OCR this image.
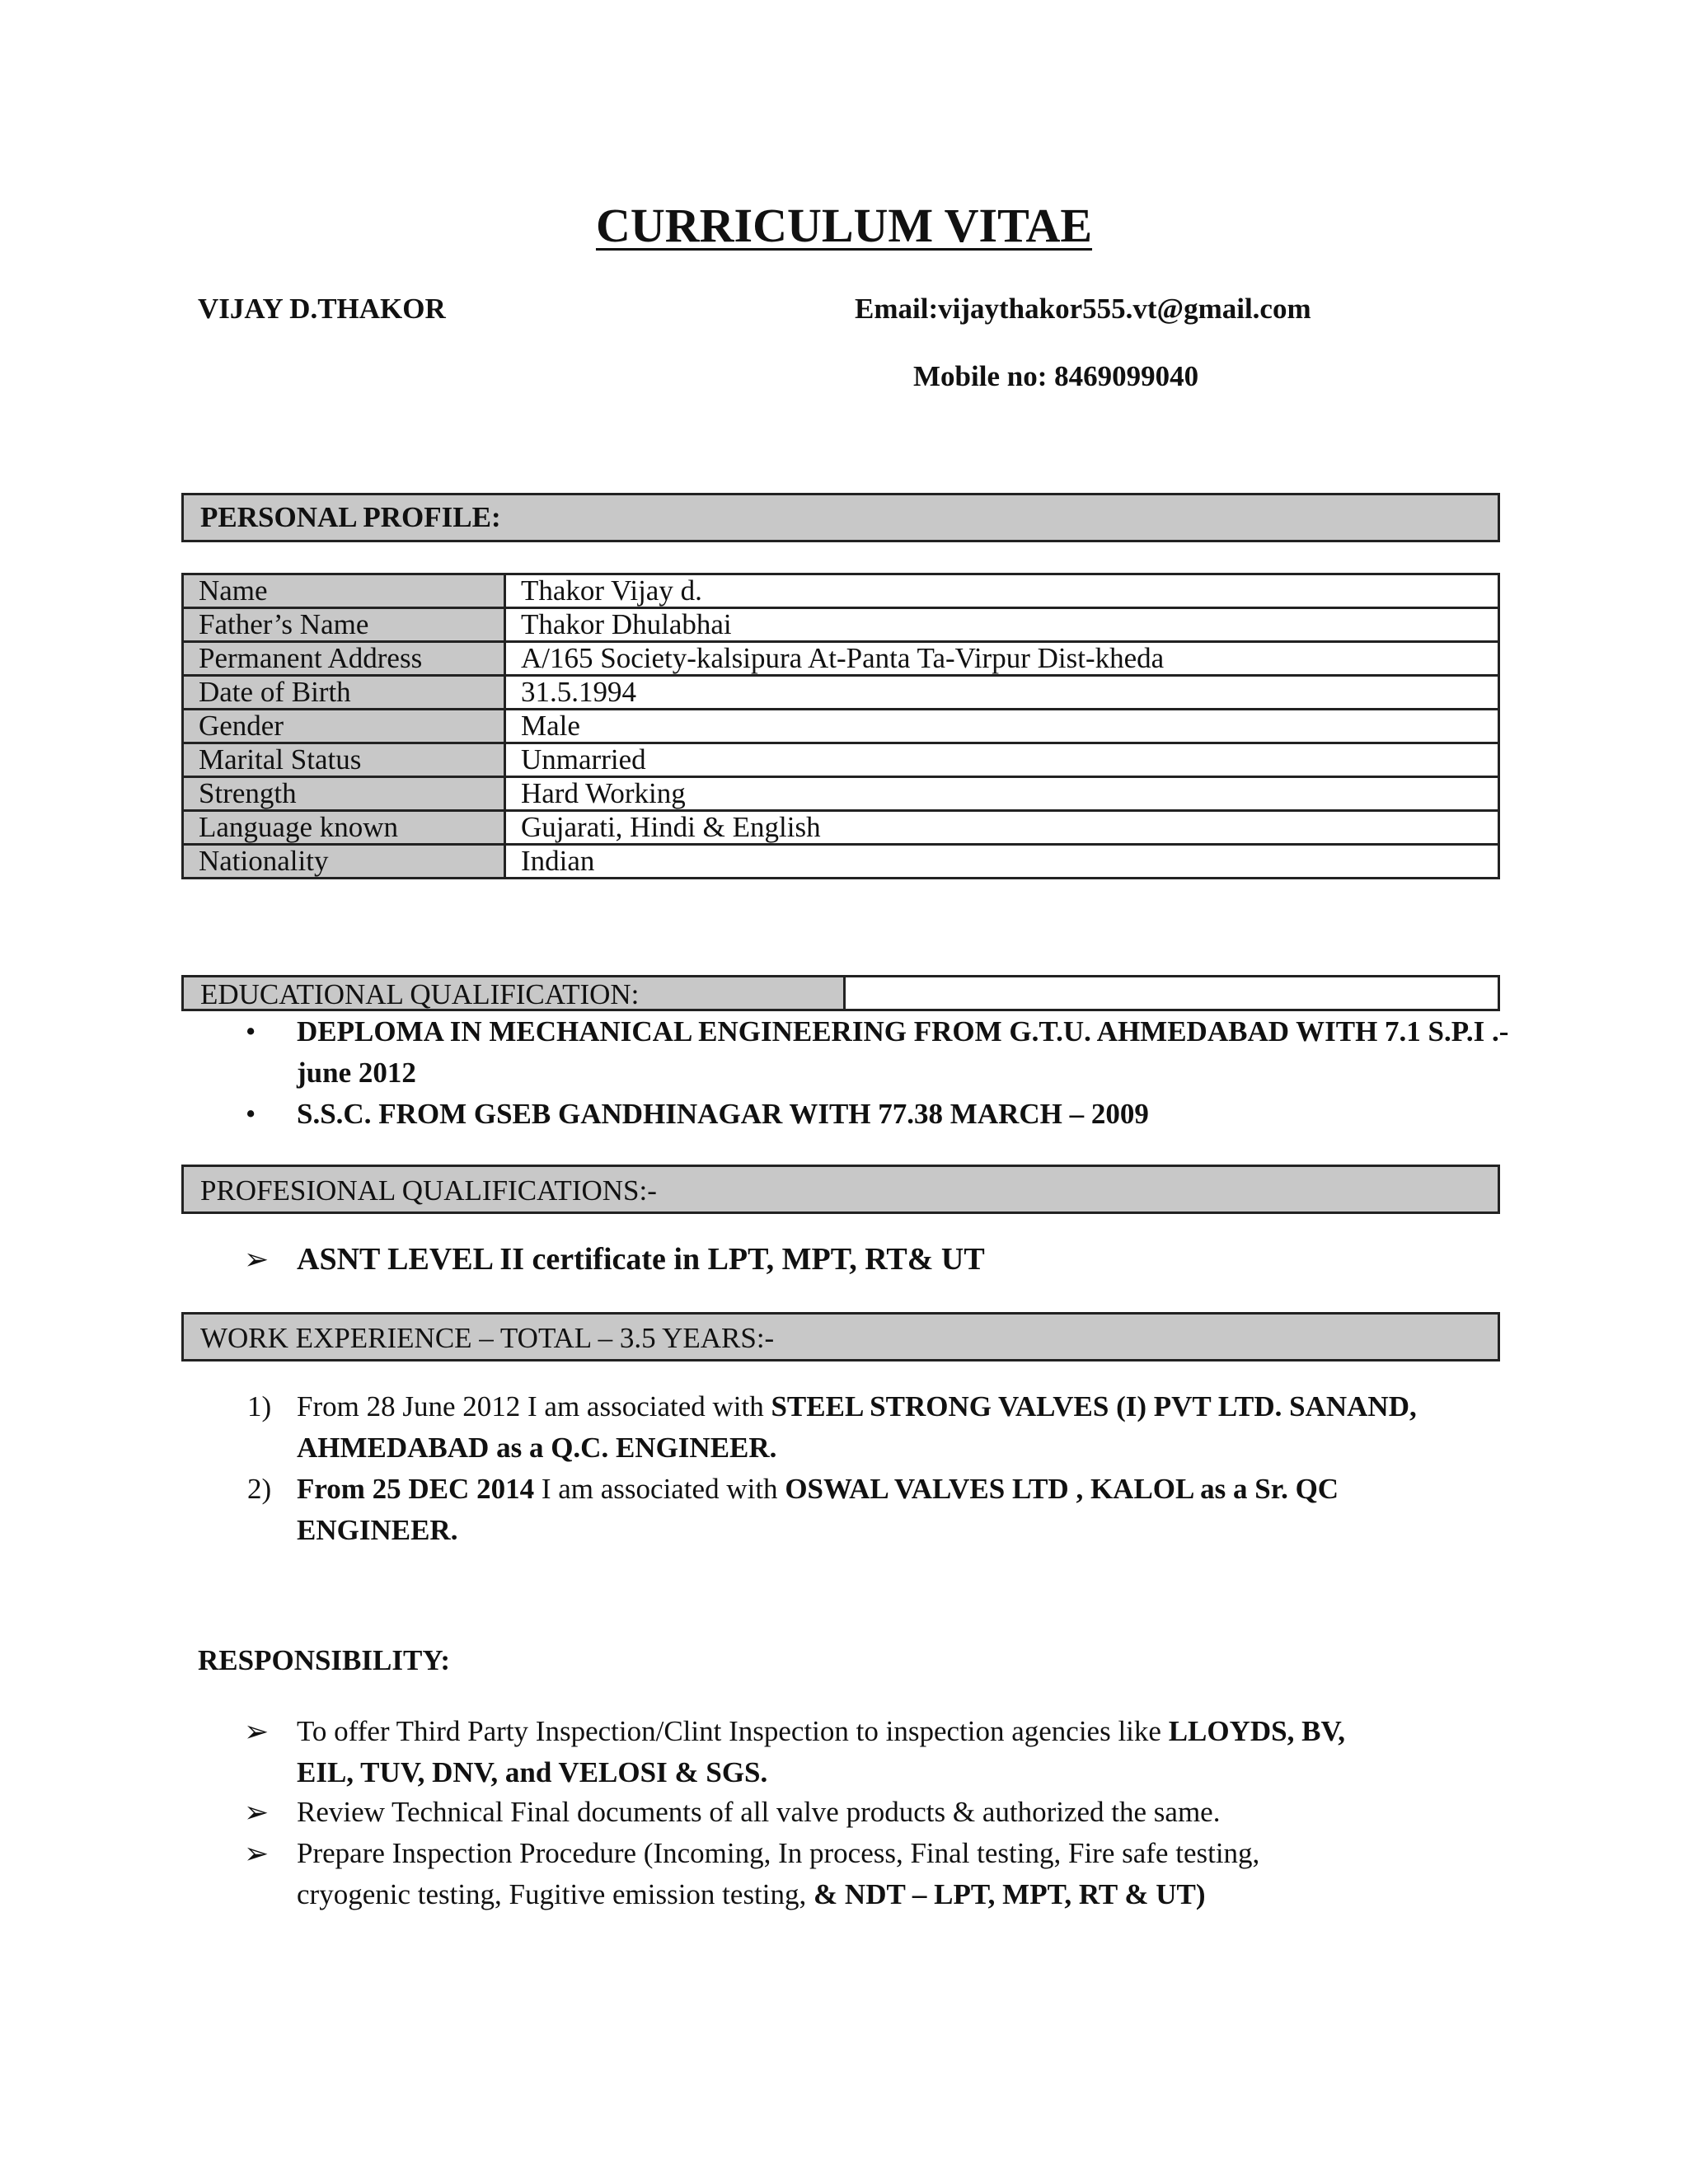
CURRICULUM VITAE
VIJAY D.THAKOR	Email:vijaythakor555.vt@gmail.com
Mobile no: 8469099040
PERSONAL PROFILE:
Name	Thakor Vijay d.
Father’s Name	Thakor Dhulabhai
Permanent Address	A/165 Society-kalsipura At-Panta Ta-Virpur Dist-kheda
Date of Birth	31.5.1994
Gender	Male
Marital Status	Unmarried
Strength	Hard Working
Language known	Gujarati, Hindi & English
Nationality	Indian
EDUCATIONAL QUALIFICATION:
• DEPLOMA IN MECHANICAL ENGINEERING FROM G.T.U. AHMEDABAD WITH 7.1 S.P.I .-
june 2012
• S.S.C. FROM GSEB GANDHINAGAR WITH 77.38 MARCH – 2009
PROFESIONAL QUALIFICATIONS:-
➢ ASNT LEVEL II certificate in LPT, MPT, RT& UT
WORK EXPERIENCE – TOTAL – 3.5 YEARS:-
1) From 28 June 2012 I am associated with STEEL STRONG VALVES (I) PVT LTD. SANAND,
AHMEDABAD as a Q.C. ENGINEER.
2) From 25 DEC 2014 I am associated with OSWAL VALVES LTD , KALOL as a Sr. QC
ENGINEER.
RESPONSIBILITY:
➢ To offer Third Party Inspection/Clint Inspection to inspection agencies like LLOYDS, BV,
EIL, TUV, DNV, and VELOSI & SGS.
➢ Review Technical Final documents of all valve products & authorized the same.
➢ Prepare Inspection Procedure (Incoming, In process, Final testing, Fire safe testing,
cryogenic testing, Fugitive emission testing, & NDT – LPT, MPT, RT & UT)
